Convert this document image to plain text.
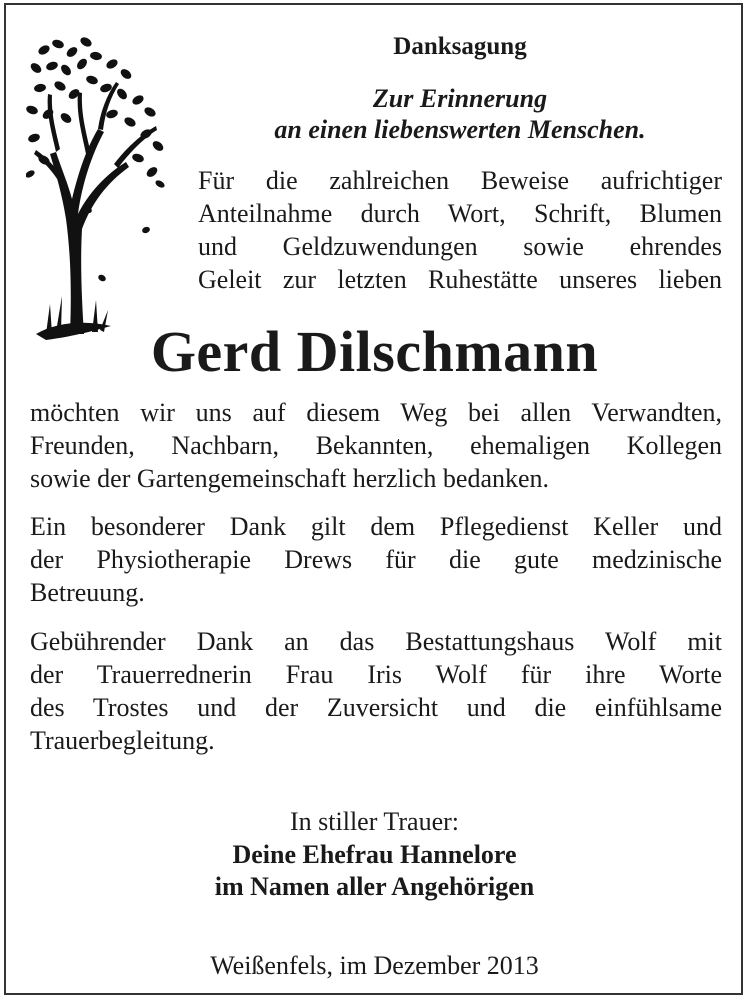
Danksagung
Zur Erinnerung
an einen liebenswerten Menschen.
Für die zahlreichen Beweise aufrichtiger
Anteilnahme durch Wort, Schrift, Blumen
und Geldzuwendungen sowie ehrendes
Geleit zur letzten Ruhestätte unseres lieben
Gerd Dilschmann
möchten wir uns auf diesem Weg bei allen Verwandten,
Freunden, Nachbarn, Bekannten, ehemaligen Kollegen
sowie der Gartengemeinschaft herzlich bedanken.
Ein besonderer Dank gilt dem Pflegedienst Keller und
der Physiotherapie Drews für die gute medzinische
Betreuung.
Gebührender Dank an das Bestattungshaus Wolf mit
der Trauerrednerin Frau Iris Wolf für ihre Worte
des Trostes und der Zuversicht und die einfühlsame
Trauerbegleitung.
In stiller Trauer:
Deine Ehefrau Hannelore
im Namen aller Angehörigen
Weißenfels, im Dezember 2013
